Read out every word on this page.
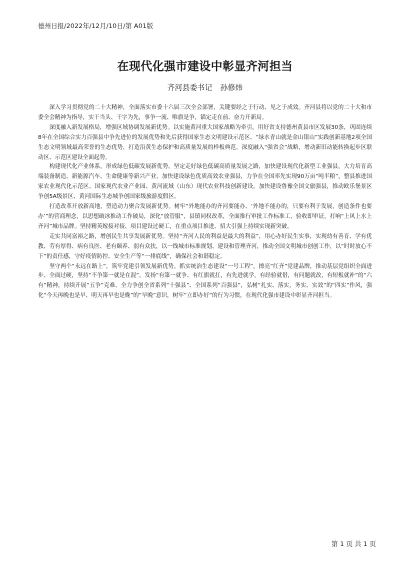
德州日报/2022年/12月/10日/第 A01版
在现代化强市建设中彰显齐河担当
齐河县委书记 孙修炜

深入学习贯彻党的二十大精神，全面落实市委十六届三次全会部署，关键要经之于行动、见之于成效。齐河县将以党的二十大和市委全会精神为指导，实干当头、干字为先，事争一流、唯旗是争，锚定走在前、奋力开新局。

深度融入新发展格局，增强区域协调发展新优势。以实施黄河重大国家战略为牵引，用好省支持德州黄县市区发展30条，巩固连续8年在全国综合实力百强县中争先进位的发展优势和先后获得国家生态文明建设示范区、“绿水青山就是金山银山”实践创新基地2项全国生态文明领域最高荣誉的生态优势，打造沿黄生态保护和高质量发展的样板典范。深度融入“强省会”战略，增动新旧动能转换起步区联动区、示范区建设全面起势。

构建现代化产业体系，形成绿色低碳发展新优势。坚定走好绿色低碳高质量发展之路，加快建设现代化新型工业强县，大力培育高端装备制造、新能源汽车、生命健康等新兴产业，加快建设绿色优质高效农业强县，力争在全国率先实现90万亩“吨半粮”，整县推进国家农业现代化示范区、国家现代农业产业园、黄河流域（山东）现代农业科技创新建设。加快建设鲁豫全国文旅强县，推动欧乐堡景区争创5A级景区、黄河国际生态城争创国家级旅游度假区。

打造改革开放新高地，塑造动力聚合发展新优势。树牢“外地能办的齐河要能办、‘外地不能办的，只要有利于发展，创造条件也要办’”的营商理念，以思想破冰推动工作破局，深化“放管服”，县镇同权改革，全面推行审批工作标准工，验收即审证，打响“上风上水上齐河”城市品牌。坚持精英嫁接对接、项目建设过硬工，在重点项目推进、招大引强上持续实现新突破。

走实共同富裕之路，增创民生共享发展新优势。坚持“齐河人民的利益是最大的利益”，用心办好民生实事，实现幼有善育、学有优教、劳有厚得、病有良医、老有颐养、弱有众扶，以一线城市标准规划、建设和管理齐河，推动全国文明城市创创工作，以“时时放心不下”的责任感，守好疫情防控、安全生产等“一排底线”，确保社会和谐稳定。

坚守两个“永远在路上”，筑牢党建引领发展新优势。抓实统治生态建设“一号工程”，擦亮“红齐”党建品牌，推动基层党组织全面进步、全面过硬，坚持“不争第一就是在混”，发扬“有第一就争、有红旗就扛，有先进就学，有经验就借，有问题就改，有短板就补”的“六有”精神，持续开展“五争”克难、全力争创全省系列“十强县”、全国系列“百强县”，弘树“扎实、落实，务实、实效”的“四实”作风，强化“今天再晚也是早、明天再早也是晚”的“早晚”意识，树牢“立即办好”的行为习惯，在现代化强市建设中彰显齐河担当。

第 1 页 共 1 页
